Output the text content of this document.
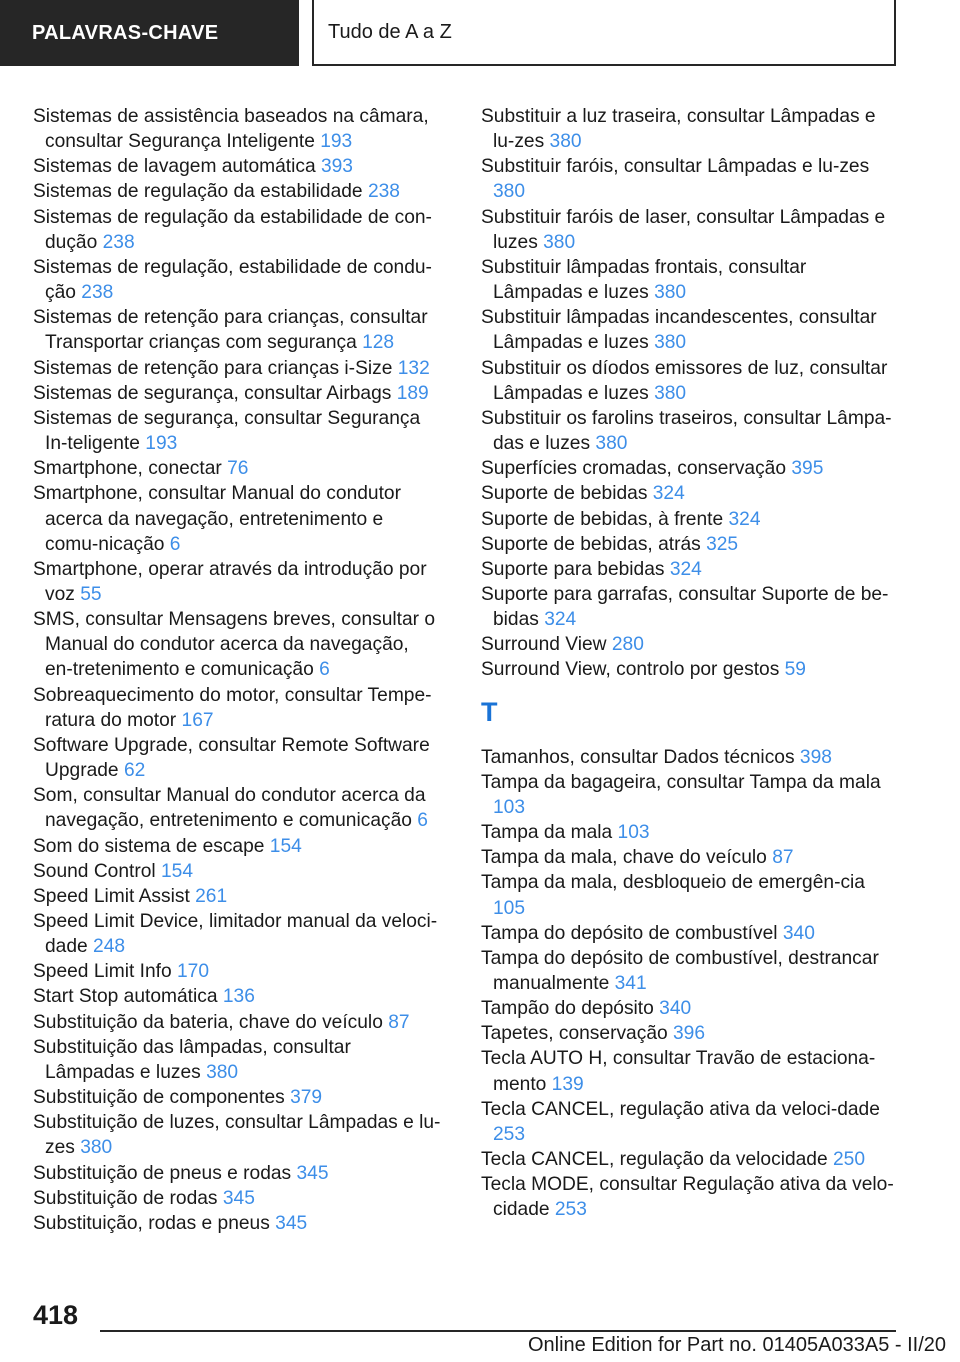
PALAVRAS-CHAVE	Tudo de A a Z
Sistemas de assistência baseados na câmara, consultar Segurança Inteligente 193
Sistemas de lavagem automática 393
Sistemas de regulação da estabilidade 238
Sistemas de regulação da estabilidade de con‐dução 238
Sistemas de regulação, estabilidade de condu‐ção 238
Sistemas de retenção para crianças, consultar Transportar crianças com segurança 128
Sistemas de retenção para crianças i-Size 132
Sistemas de segurança, consultar Airbags 189
Sistemas de segurança, consultar Segurança In‐teligente 193
Smartphone, conectar 76
Smartphone, consultar Manual do condutor acerca da navegação, entretenimento e comu‐nicação 6
Smartphone, operar através da introdução por voz 55
SMS, consultar Mensagens breves, consultar o Manual do condutor acerca da navegação, en‐tretenimento e comunicação 6
Sobreaquecimento do motor, consultar Tempe‐ratura do motor 167
Software Upgrade, consultar Remote Software Upgrade 62
Som, consultar Manual do condutor acerca da navegação, entretenimento e comunicação 6
Som do sistema de escape 154
Sound Control 154
Speed Limit Assist 261
Speed Limit Device, limitador manual da veloci‐dade 248
Speed Limit Info 170
Start Stop automática 136
Substituição da bateria, chave do veículo 87
Substituição das lâmpadas, consultar Lâmpadas e luzes 380
Substituição de componentes 379
Substituição de luzes, consultar Lâmpadas e lu‐zes 380
Substituição de pneus e rodas 345
Substituição de rodas 345
Substituição, rodas e pneus 345
Substituir a luz traseira, consultar Lâmpadas e lu‐zes 380
Substituir faróis, consultar Lâmpadas e lu‐zes 380
Substituir faróis de laser, consultar Lâmpadas e luzes 380
Substituir lâmpadas frontais, consultar Lâmpadas e luzes 380
Substituir lâmpadas incandescentes, consultar Lâmpadas e luzes 380
Substituir os díodos emissores de luz, consultar Lâmpadas e luzes 380
Substituir os farolins traseiros, consultar Lâmpa‐das e luzes 380
Superfícies cromadas, conservação 395
Suporte de bebidas 324
Suporte de bebidas, à frente 324
Suporte de bebidas, atrás 325
Suporte para bebidas 324
Suporte para garrafas, consultar Suporte de be‐bidas 324
Surround View 280
Surround View, controlo por gestos 59
T
Tamanhos, consultar Dados técnicos 398
Tampa da bagageira, consultar Tampa da mala 103
Tampa da mala 103
Tampa da mala, chave do veículo 87
Tampa da mala, desbloqueio de emergên‐cia 105
Tampa do depósito de combustível 340
Tampa do depósito de combustível, destrancar manualmente 341
Tampão do depósito 340
Tapetes, conservação 396
Tecla AUTO H, consultar Travão de estaciona‐mento 139
Tecla CANCEL, regulação ativa da veloci‐dade 253
Tecla CANCEL, regulação da velocidade 250
Tecla MODE, consultar Regulação ativa da velo‐cidade 253
418
Online Edition for Part no. 01405A033A5 - II/20
